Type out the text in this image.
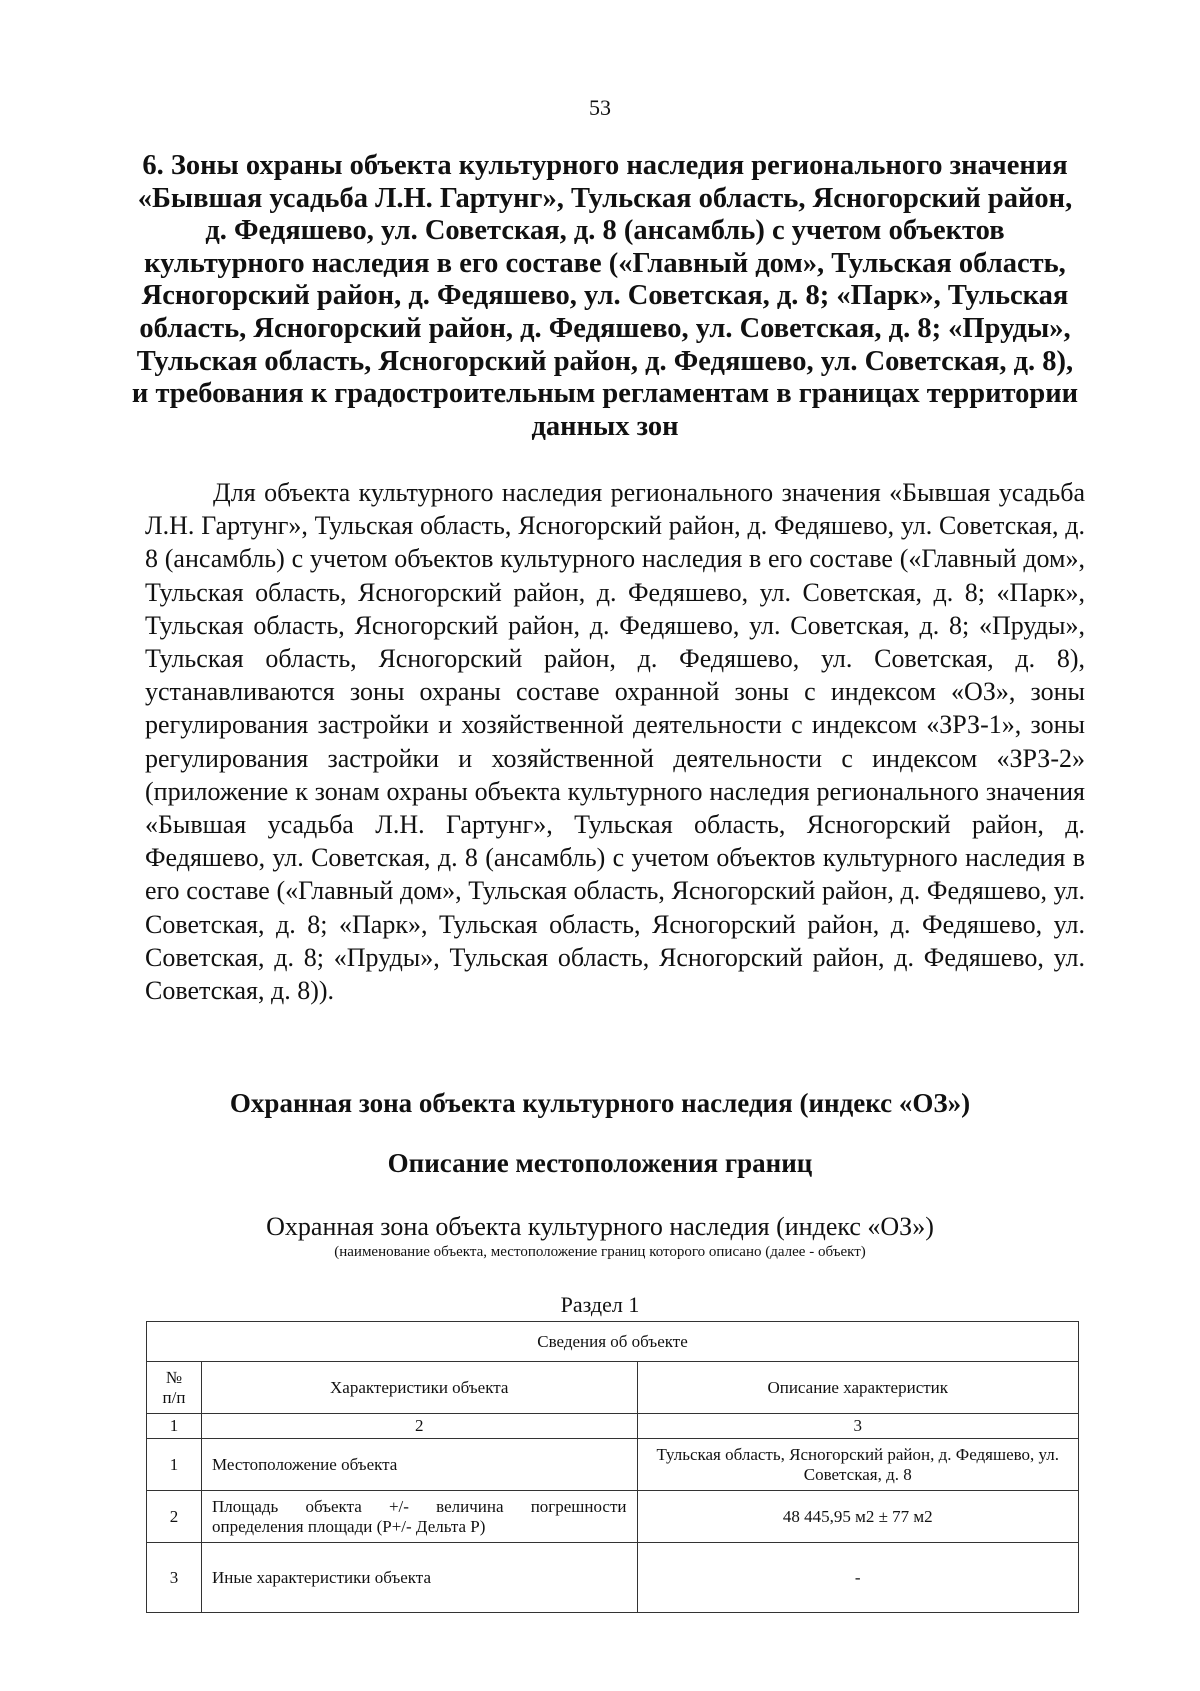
53
6. Зоны охраны объекта культурного наследия регионального значения «Бывшая усадьба Л.Н. Гартунг», Тульская область, Ясногорский район, д. Федяшево, ул. Советская, д. 8 (ансамбль) с учетом объектов культурного наследия в его составе («Главный дом», Тульская область, Ясногорский район, д. Федяшево, ул. Советская, д. 8; «Парк», Тульская область, Ясногорский район, д. Федяшево, ул. Советская, д. 8; «Пруды», Тульская область, Ясногорский район, д. Федяшево, ул. Советская, д. 8), и требования к градостроительным регламентам в границах территории данных зон
Для объекта культурного наследия регионального значения «Бывшая усадьба Л.Н. Гартунг», Тульская область, Ясногорский район, д. Федяшево, ул. Советская, д. 8 (ансамбль) с учетом объектов культурного наследия в его составе («Главный дом», Тульская область, Ясногорский район, д. Федяшево, ул. Советская, д. 8; «Парк», Тульская область, Ясногорский район, д. Федяшево, ул. Советская, д. 8; «Пруды», Тульская область, Ясногорский район, д. Федяшево, ул. Советская, д. 8), устанавливаются зоны охраны составе охранной зоны с индексом «ОЗ», зоны регулирования застройки и хозяйственной деятельности с индексом «ЗРЗ-1», зоны регулирования застройки и хозяйственной деятельности с индексом «ЗРЗ-2» (приложение к зонам охраны объекта культурного наследия регионального значения «Бывшая усадьба Л.Н. Гартунг», Тульская область, Ясногорский район, д. Федяшево, ул. Советская, д. 8 (ансамбль) с учетом объектов культурного наследия в его составе («Главный дом», Тульская область, Ясногорский район, д. Федяшево, ул. Советская, д. 8; «Парк», Тульская область, Ясногорский район, д. Федяшево, ул. Советская, д. 8; «Пруды», Тульская область, Ясногорский район, д. Федяшево, ул. Советская, д. 8)).
Охранная зона объекта культурного наследия (индекс «ОЗ»)
Описание местоположения границ
Охранная зона объекта культурного наследия (индекс «ОЗ»)
(наименование объекта, местоположение границ которого описано (далее - объект)
Раздел 1
Сведения об объекте		
№ п/п	Характеристики объекта	Описание характеристик
1	2	3
1	Местоположение объекта	Тульская область, Ясногорский район, д. Федяшево, ул. Советская, д. 8
2	Площадь объекта +/- величина погрешности определения площади (Р+/- Дельта Р)	48 445,95 м2 ± 77 м2
3	Иные характеристики объекта	-
